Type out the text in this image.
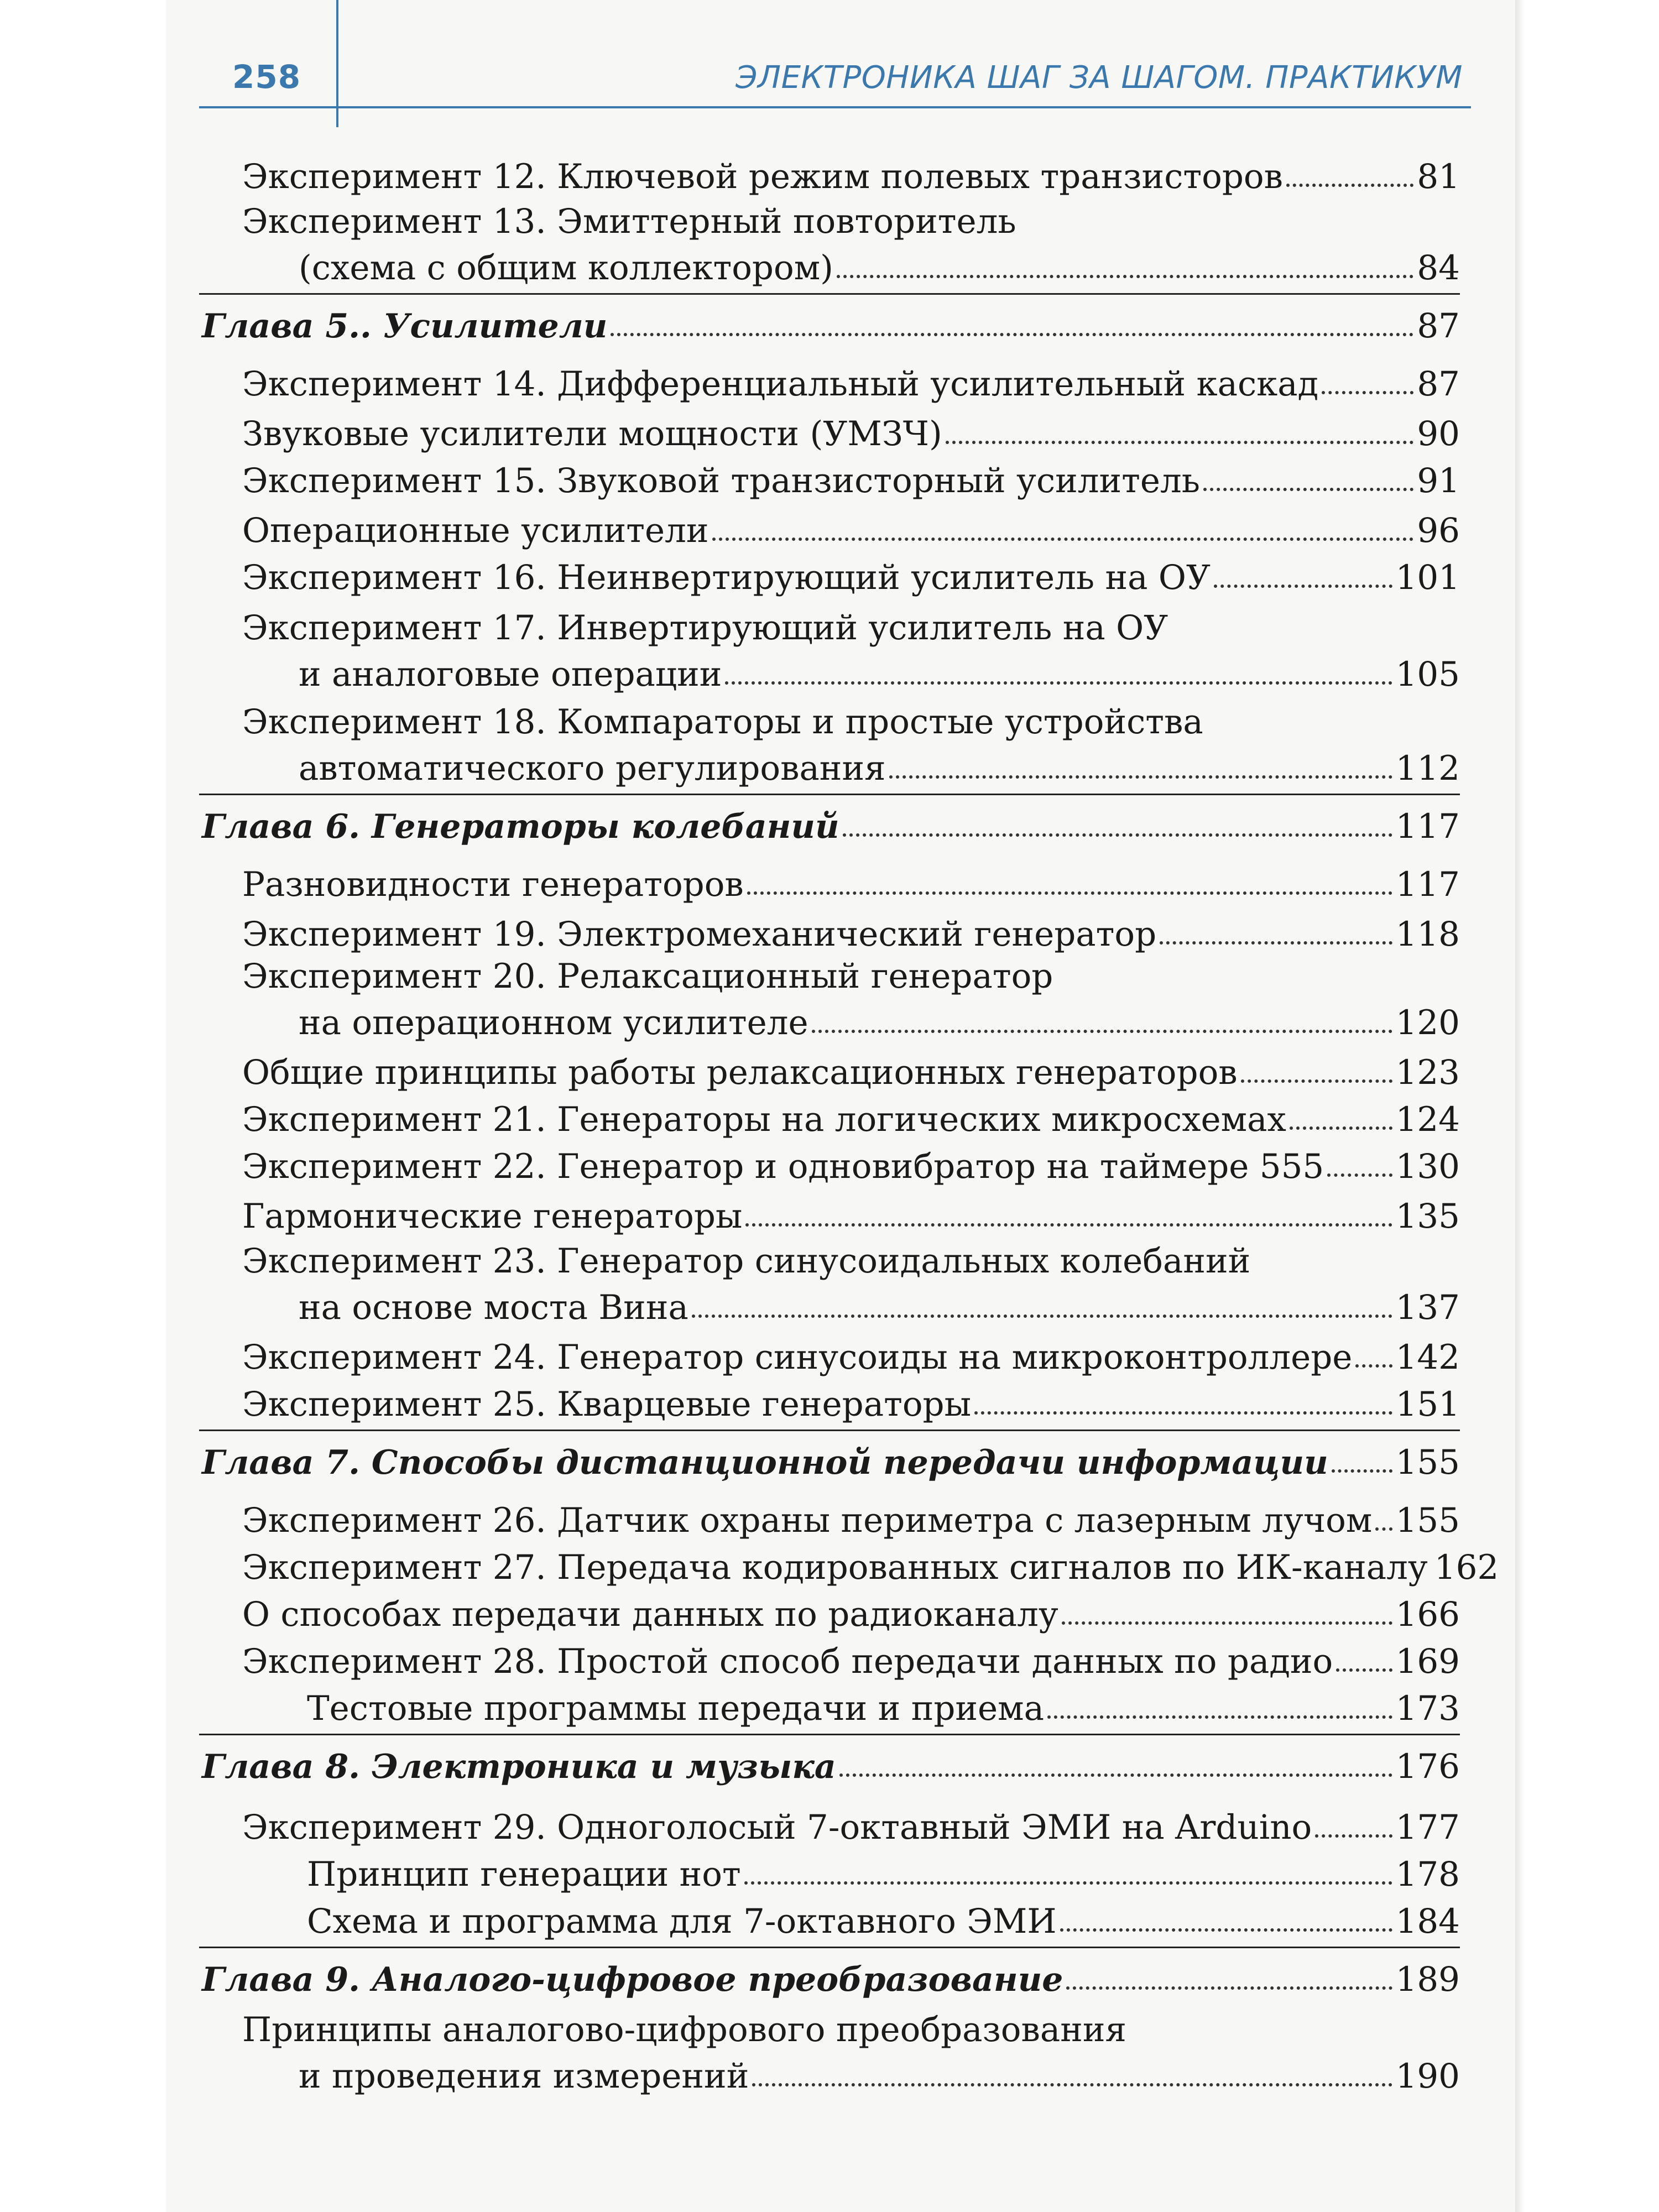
258	ЭЛЕКТРОНИКА ШАГ ЗА ШАГОМ. ПРАКТИКУМ
Эксперимент 12. Ключевой режим полевых транзисторов	81
Эксперимент 13. Эмиттерный повторитель
(схема с общим коллектором)	84
Глава 5.. Усилители	87
Эксперимент 14. Дифференциальный усилительный каскад	87
Звуковые усилители мощности (УМЗЧ)	90
Эксперимент 15. Звуковой транзисторный усилитель	91
Операционные усилители	96
Эксперимент 16. Неинвертирующий усилитель на ОУ	101
Эксперимент 17. Инвертирующий усилитель на ОУ
и аналоговые операции	105
Эксперимент 18. Компараторы и простые устройства
автоматического регулирования	112
Глава 6. Генераторы колебаний	117
Разновидности генераторов	117
Эксперимент 19. Электромеханический генератор	118
Эксперимент 20. Релаксационный генератор
на операционном усилителе	120
Общие принципы работы релаксационных генераторов	123
Эксперимент 21. Генераторы на логических микросхемах	124
Эксперимент 22. Генератор и одновибратор на таймере 555 130
Гармонические генераторы	135
Эксперимент 23. Генератор синусоидальных колебаний
на основе моста Вина	137
Эксперимент 24. Генератор синусоиды на микроконтроллере 142
Эксперимент 25. Кварцевые генераторы	151
Глава 7. Способы дистанционной передачи информации 155
Эксперимент 26. Датчик охраны периметра с лазерным лучом 155
Эксперимент 27. Передача кодированных сигналов по ИК-каналу 162
О способах передачи данных по радиоканалу	166
Эксперимент 28. Простой способ передачи данных по радио 169
Тестовые программы передачи и приема	173
Глава 8. Электроника и музыка	176
Эксперимент 29. Одноголосый 7-октавный ЭМИ на Arduino 177
Принцип генерации нот	178
Схема и программа для 7-октавного ЭМИ	184
Глава 9. Аналого-цифровое преобразование	189
Принципы аналогово-цифрового преобразования
и проведения измерений	190
